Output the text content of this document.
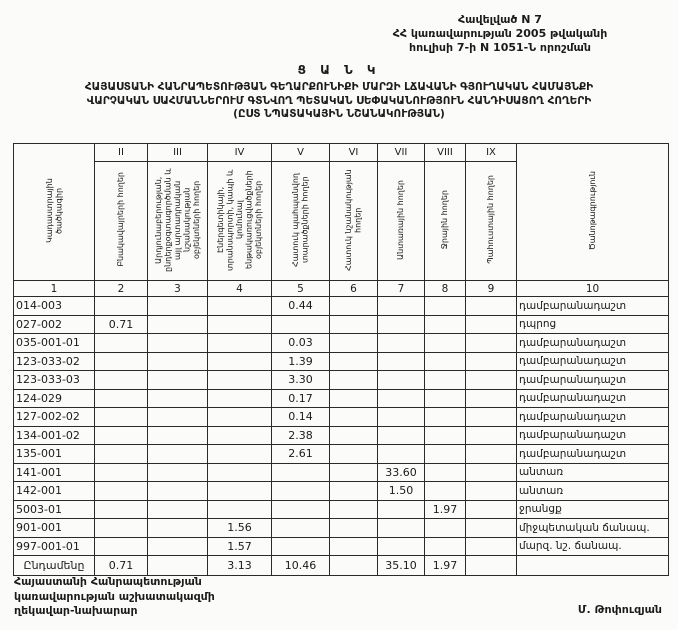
Հավելված N 7
ՀՀ կառավարության 2005 թվականի
հուլիսի 7-ի N 1051-Ն որոշման
Ց Ա Ն Կ
ՀԱՅԱՍՏԱՆԻ ՀԱՆՐԱՊԵՏՈՒԹՅԱՆ ԳԵՂԱՐՔՈՒՆԻՔԻ ՄԱՐԶԻ ԼՃԱՎԱՆԻ ԳՅՈՒՂԱԿԱՆ ՀԱՄԱՅՆՔԻ
ՎԱՐՉԱԿԱՆ ՍԱՀՄԱՆՆԵՐՈՒՄ ԳՏՆՎՈՂ ՊԵՏԱԿԱՆ ՍԵՓԱԿԱՆՈՒԹՅՈՒՆ ՀԱՆԴԻՍԱՑՈՂ ՀՈՂԵՐԻ
(ԸՍՏ ՆՊԱՏԱԿԱՅԻՆ ՆՇԱՆԱԿՈՒԹՅԱՆ)
Կադաստրային ծածկագիր	II	III	IV	V	VI	VII	VIII	IX	Ծանոթագրություն
	Բնակավայրերի հողեր	Արդյունաբերության, ընդերքօգտագործման և այլ արտադրական նշանակության օբյեկտների հողեր	Էներգետիկայի, տրանսպորտի, կապի և կոմունալ ենթակառուցվածքների օբյեկտների հողեր	Հատուկ պահպանվող տարածքների հողեր	Հատուկ նշանակության հողեր	Անտառային հողեր	Ջրային հողեր	Պահուստային հողեր	
1	2	3	4	5	6	7	8	9	10
014-003				0.44					դամբարանադաշտ
027-002	0.71								դպրոց
035-001-01				0.03					դամբարանադաշտ
123-033-02				1.39					դամբարանադաշտ
123-033-03				3.30					դամբարանադաշտ
124-029				0.17					դամբարանադաշտ
127-002-02				0.14					դամբարանադաշտ
134-001-02				2.38					դամբարանադաշտ
135-001				2.61					դամբարանադաշտ
141-001						33.60			անտառ
142-001						1.50			անտառ
5003-01							1.97		ջրանցք
901-001			1.56						միջպետական ճանապ.
997-001-01			1.57						մարզ. նշ. ճանապ.
Ընդամենը	0.71		3.13	10.46		35.10	1.97		
Հայաստանի Հանրապետության
կառավարության աշխատակազմի
ղեկավար-նախարար	Մ. Թոփուզյան
